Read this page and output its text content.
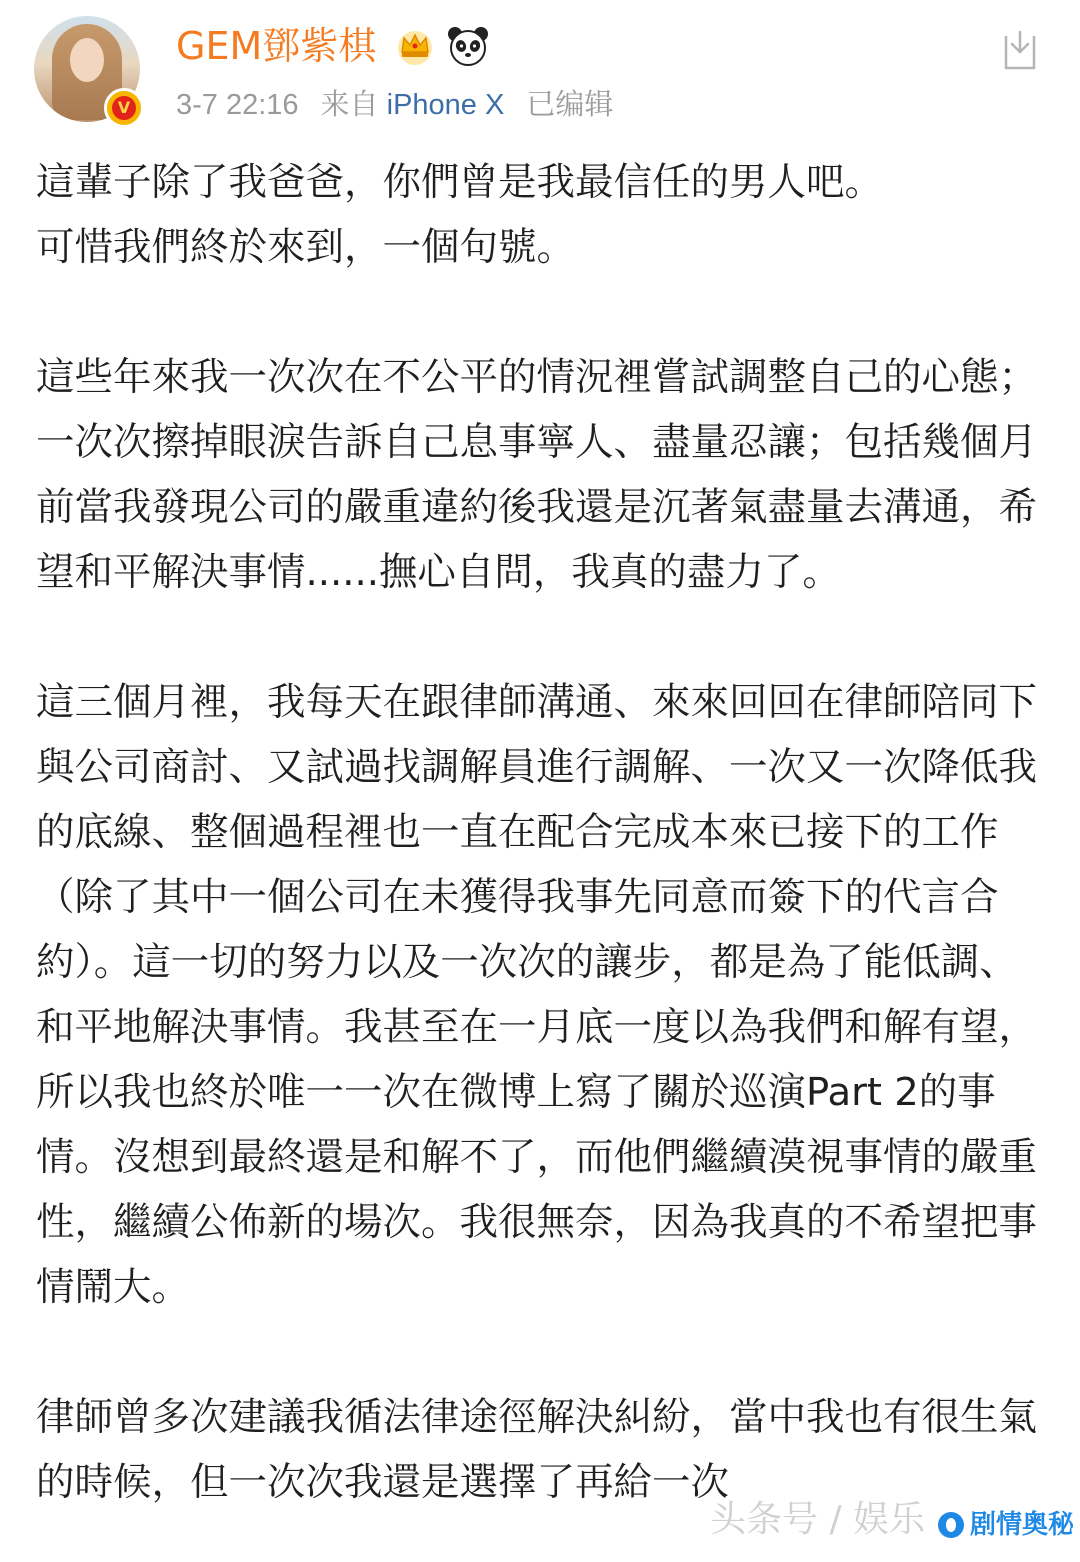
V
GEM鄧紫棋
3-7 22:16 来自 iPhone X 已编辑

這輩子除了我爸爸，你們曾是我最信任的男人吧。
可惜我們終於來到，一個句號。

這些年來我一次次在不公平的情況裡嘗試調整自己的心態；一次次擦掉眼淚告訴自己息事寧人、盡量忍讓；包括幾個月前當我發現公司的嚴重違約後我還是沉著氣盡量去溝通，希望和平解決事情......撫心自問，我真的盡力了。

這三個月裡，我每天在跟律師溝通、來來回回在律師陪同下與公司商討、又試過找調解員進行調解、一次又一次降低我的底線、整個過程裡也一直在配合完成本來已接下的工作（除了其中一個公司在未獲得我事先同意而簽下的代言合約）。這一切的努力以及一次次的讓步，都是為了能低調、和平地解決事情。我甚至在一月底一度以為我們和解有望，所以我也終於唯一一次在微博上寫了關於巡演Part 2的事情。沒想到最終還是和解不了，而他們繼續漠視事情的嚴重性，繼續公佈新的場次。我很無奈，因為我真的不希望把事情鬧大。

律師曾多次建議我循法律途徑解決糾紛，當中我也有很生氣的時候，但一次次我還是選擇了再給一次

头条号 / 娱乐 剧情奥秘
